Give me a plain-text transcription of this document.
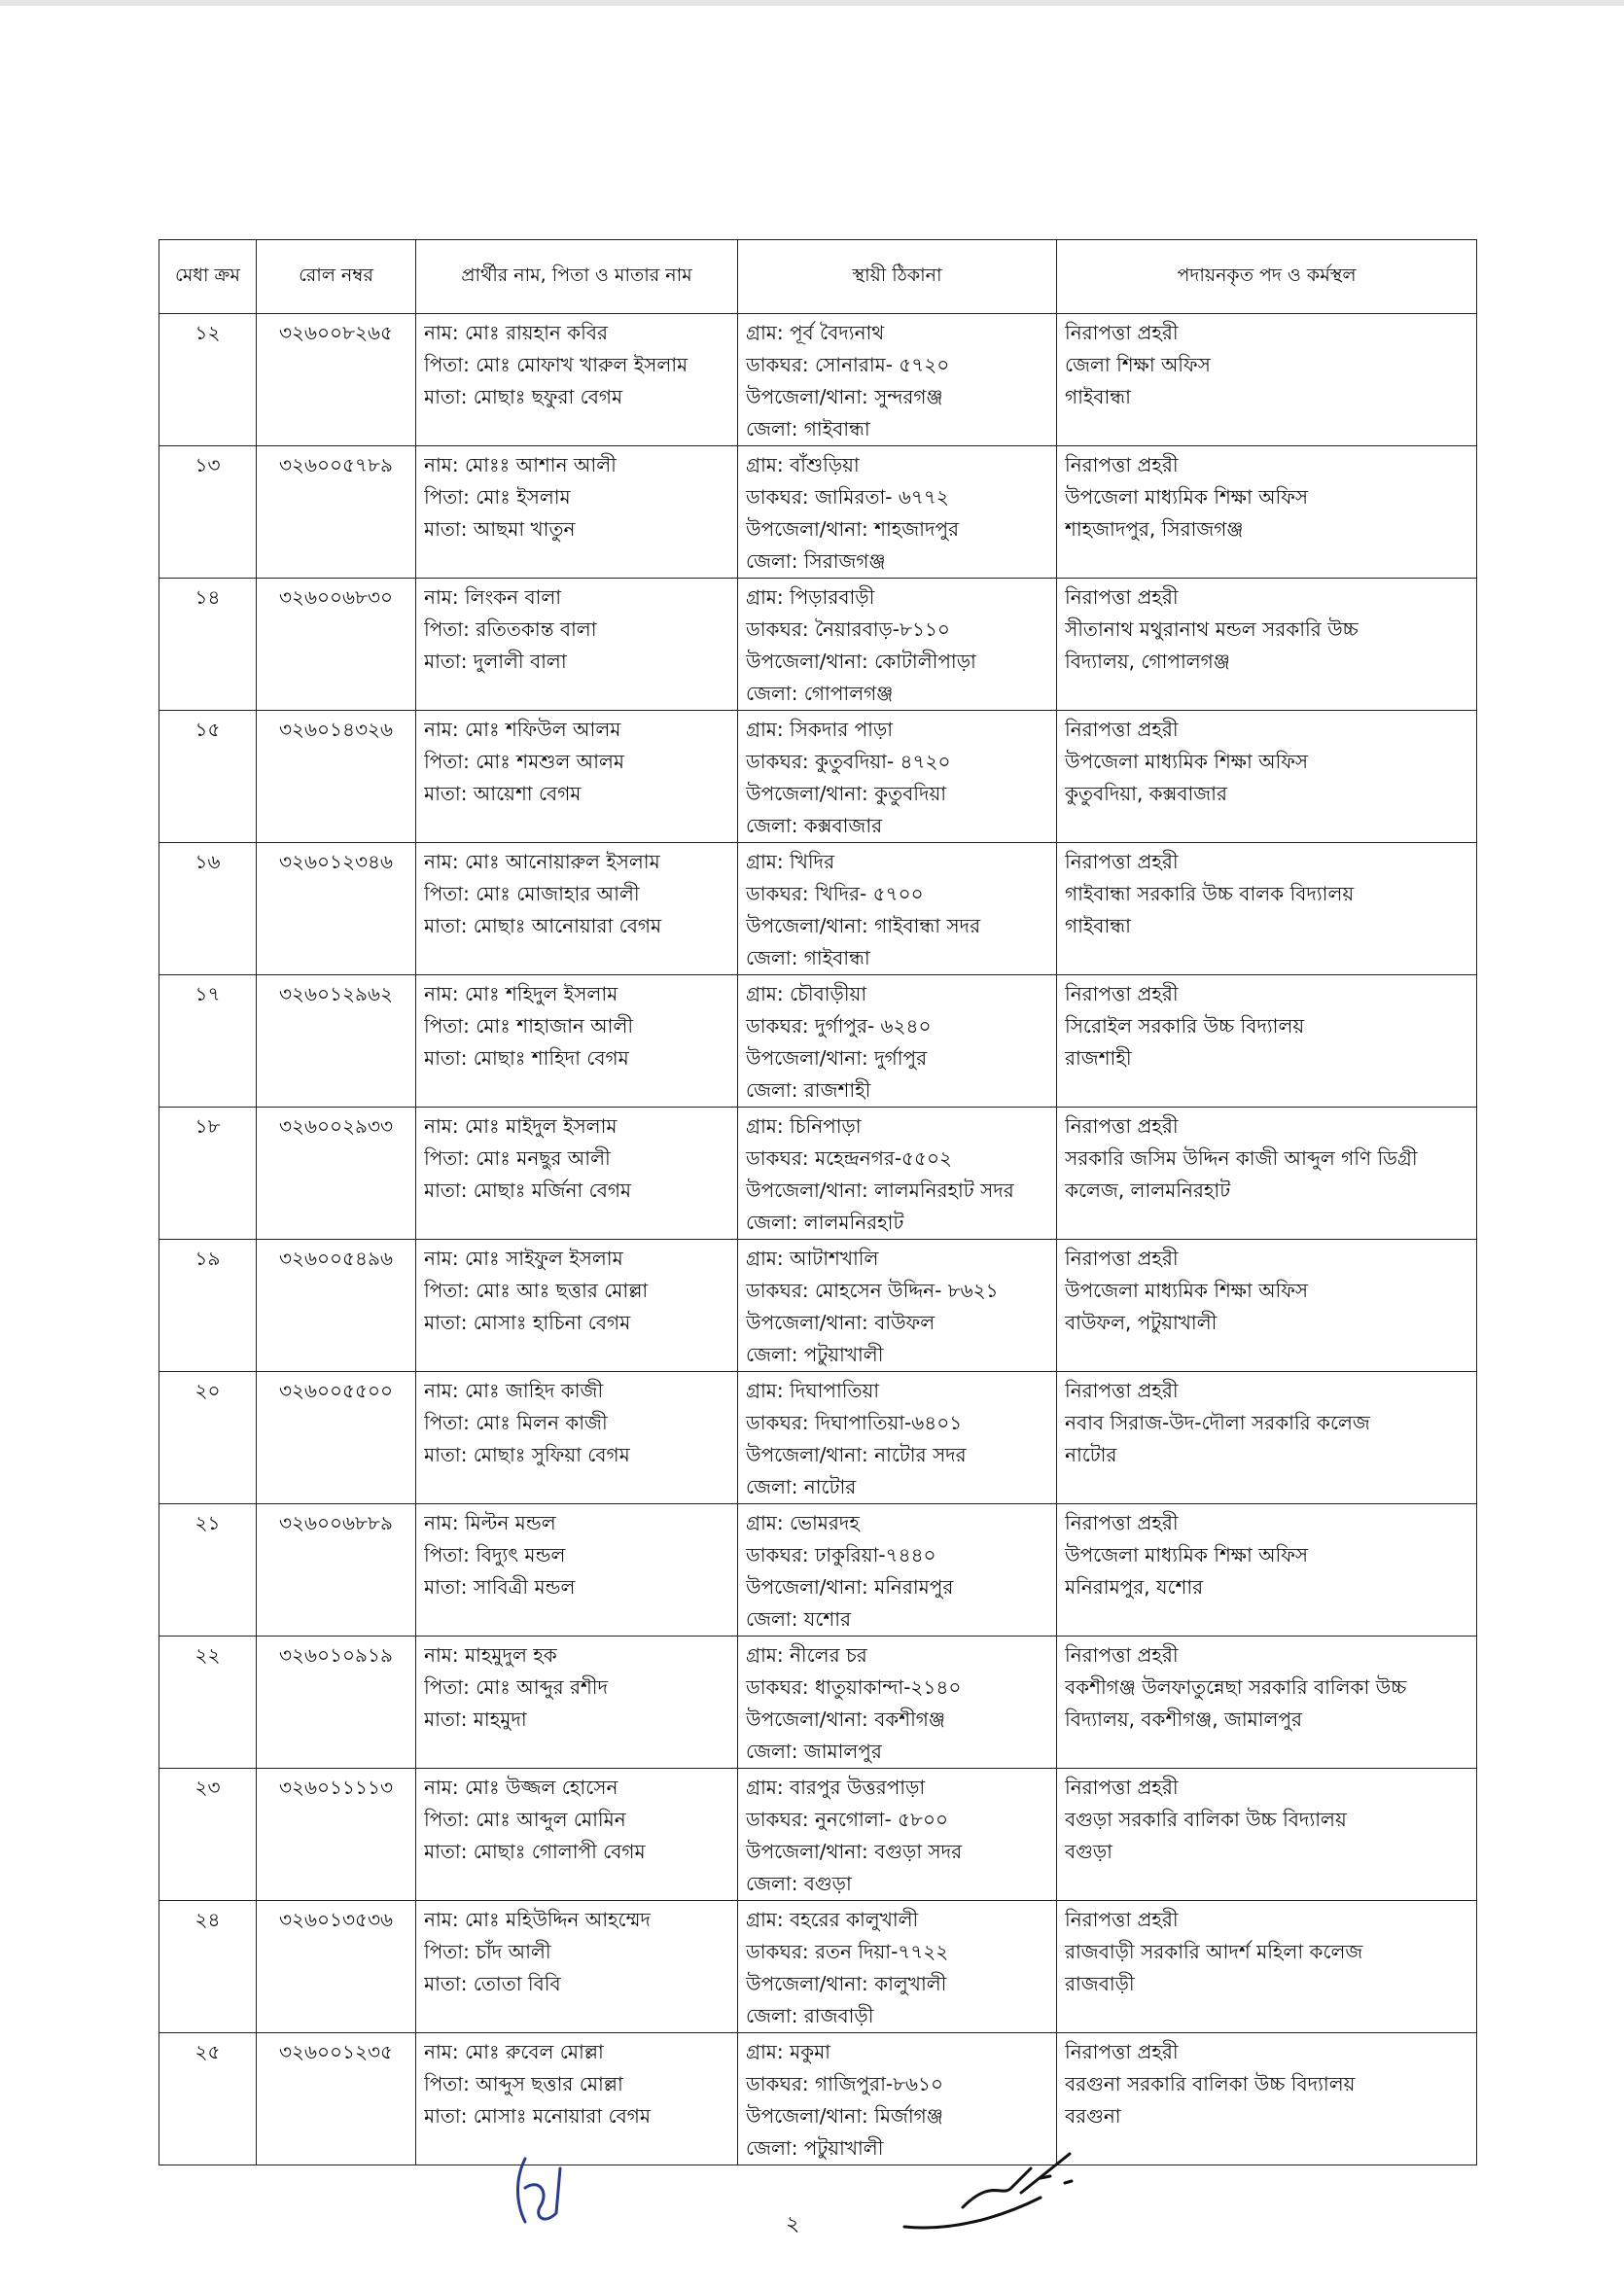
মেধা ক্রম	রোল নম্বর	প্রার্থীর নাম, পিতা ও মাতার নাম	স্থায়ী ঠিকানা	পদায়নকৃত পদ ও কর্মস্থল
১২	৩২৬০০৮২৬৫	নাম: মোঃ রায়হান কবির
পিতা: মোঃ মোফাখ খারুল ইসলাম
মাতা: মোছাঃ ছফুরা বেগম	গ্রাম: পূর্ব বৈদ্যনাথ
ডাকঘর: সোনারাম- ৫৭২০
উপজেলা/থানা: সুন্দরগঞ্জ
জেলা: গাইবান্ধা	নিরাপত্তা প্রহরী
জেলা শিক্ষা অফিস
গাইবান্ধা

১৩	৩২৬০০৫৭৮৯	নাম: মোঃঃ আশান আলী
পিতা: মোঃ ইসলাম
মাতা: আছমা খাতুন	গ্রাম: বাঁশুড়িয়া
ডাকঘর: জামিরতা- ৬৭৭২
উপজেলা/থানা: শাহজাদপুর
জেলা: সিরাজগঞ্জ	নিরাপত্তা প্রহরী
উপজেলা মাধ্যমিক শিক্ষা অফিস
শাহজাদপুর, সিরাজগঞ্জ

১৪	৩২৬০০৬৮৩০	নাম: লিংকন বালা
পিতা: রতিতকান্ত বালা
মাতা: দুলালী বালা	গ্রাম: পিড়ারবাড়ী
ডাকঘর: নৈয়ারবাড়-৮১১০
উপজেলা/থানা: কোটালীপাড়া
জেলা: গোপালগঞ্জ	নিরাপত্তা প্রহরী
সীতানাথ মথুরানাথ মন্ডল সরকারি উচ্চ
বিদ্যালয়, গোপালগঞ্জ

১৫	৩২৬০১৪৩২৬	নাম: মোঃ শফিউল আলম
পিতা: মোঃ শমশুল আলম
মাতা: আয়েশা বেগম	গ্রাম: সিকদার পাড়া
ডাকঘর: কুতুবদিয়া- ৪৭২০
উপজেলা/থানা: কুতুবদিয়া
জেলা: কক্সবাজার	নিরাপত্তা প্রহরী
উপজেলা মাধ্যমিক শিক্ষা অফিস
কুতুবদিয়া, কক্সবাজার

১৬	৩২৬০১২৩৪৬	নাম: মোঃ আনোয়ারুল ইসলাম
পিতা: মোঃ মোজাহার আলী
মাতা: মোছাঃ আনোয়ারা বেগম	গ্রাম: খিদির
ডাকঘর: খিদির- ৫৭০০
উপজেলা/থানা: গাইবান্ধা সদর
জেলা: গাইবান্ধা	নিরাপত্তা প্রহরী
গাইবান্ধা সরকারি উচ্চ বালক বিদ্যালয়
গাইবান্ধা

১৭	৩২৬০১২৯৬২	নাম: মোঃ শহিদুল ইসলাম
পিতা: মোঃ শাহাজান আলী
মাতা: মোছাঃ শাহিদা বেগম	গ্রাম: চৌবাড়ীয়া
ডাকঘর: দুর্গাপুর- ৬২৪০
উপজেলা/থানা: দুর্গাপুর
জেলা: রাজশাহী	নিরাপত্তা প্রহরী
সিরোইল সরকারি উচ্চ বিদ্যালয়
রাজশাহী

১৮	৩২৬০০২৯৩৩	নাম: মোঃ মাইদুল ইসলাম
পিতা: মোঃ মনছুর আলী
মাতা: মোছাঃ মর্জিনা বেগম	গ্রাম: চিনিপাড়া
ডাকঘর: মহেন্দ্রনগর-৫৫০২
উপজেলা/থানা: লালমনিরহাট সদর
জেলা: লালমনিরহাট	নিরাপত্তা প্রহরী
সরকারি জসিম উদ্দিন কাজী আব্দুল গণি ডিগ্রী
কলেজ, লালমনিরহাট

১৯	৩২৬০০৫৪৯৬	নাম: মোঃ সাইফুল ইসলাম
পিতা: মোঃ আঃ ছত্তার মোল্লা
মাতা: মোসাঃ হাচিনা বেগম	গ্রাম: আটাশখালি
ডাকঘর: মোহসেন উদ্দিন- ৮৬২১
উপজেলা/থানা: বাউফল
জেলা: পটুয়াখালী	নিরাপত্তা প্রহরী
উপজেলা মাধ্যমিক শিক্ষা অফিস
বাউফল, পটুয়াখালী

২০	৩২৬০০৫৫০০	নাম: মোঃ জাহিদ কাজী
পিতা: মোঃ মিলন কাজী
মাতা: মোছাঃ সুফিয়া বেগম	গ্রাম: দিঘাপাতিয়া
ডাকঘর: দিঘাপাতিয়া-৬৪০১
উপজেলা/থানা: নাটোর সদর
জেলা: নাটোর	নিরাপত্তা প্রহরী
নবাব সিরাজ-উদ-দৌলা সরকারি কলেজ
নাটোর

২১	৩২৬০০৬৮৮৯	নাম: মিল্টন মন্ডল
পিতা: বিদ্যুৎ মন্ডল
মাতা: সাবিত্রী মন্ডল	গ্রাম: ভোমরদহ
ডাকঘর: ঢাকুরিয়া-৭৪৪০
উপজেলা/থানা: মনিরামপুর
জেলা: যশোর	নিরাপত্তা প্রহরী
উপজেলা মাধ্যমিক শিক্ষা অফিস
মনিরামপুর, যশোর

২২	৩২৬০১০৯১৯	নাম: মাহমুদুল হক
পিতা: মোঃ আব্দুর রশীদ
মাতা: মাহমুদা	গ্রাম: নীলের চর
ডাকঘর: ধাতুয়াকান্দা-২১৪০
উপজেলা/থানা: বকশীগঞ্জ
জেলা: জামালপুর	নিরাপত্তা প্রহরী
বকশীগঞ্জ উলফাতুন্নেছা সরকারি বালিকা উচ্চ
বিদ্যালয়, বকশীগঞ্জ, জামালপুর

২৩	৩২৬০১১১১৩	নাম: মোঃ উজ্জল হোসেন
পিতা: মোঃ আব্দুল মোমিন
মাতা: মোছাঃ গোলাপী বেগম	গ্রাম: বারপুর উত্তরপাড়া
ডাকঘর: নুনগোলা- ৫৮০০
উপজেলা/থানা: বগুড়া সদর
জেলা: বগুড়া	নিরাপত্তা প্রহরী
বগুড়া সরকারি বালিকা উচ্চ বিদ্যালয়
বগুড়া

২৪	৩২৬০১৩৫৩৬	নাম: মোঃ মহিউদ্দিন আহম্মেদ
পিতা: চাঁদ আলী
মাতা: তোতা বিবি	গ্রাম: বহরের কালুখালী
ডাকঘর: রতন দিয়া-৭৭২২
উপজেলা/থানা: কালুখালী
জেলা: রাজবাড়ী	নিরাপত্তা প্রহরী
রাজবাড়ী সরকারি আদর্শ মহিলা কলেজ
রাজবাড়ী

২৫	৩২৬০০১২৩৫	নাম: মোঃ রুবেল মোল্লা
পিতা: আব্দুস ছত্তার মোল্লা
মাতা: মোসাঃ মনোয়ারা বেগম	গ্রাম: মকুমা
ডাকঘর: গাজিপুরা-৮৬১০
উপজেলা/থানা: মির্জাগঞ্জ
জেলা: পটুয়াখালী	নিরাপত্তা প্রহরী
বরগুনা সরকারি বালিকা উচ্চ বিদ্যালয়
বরগুনা
২
